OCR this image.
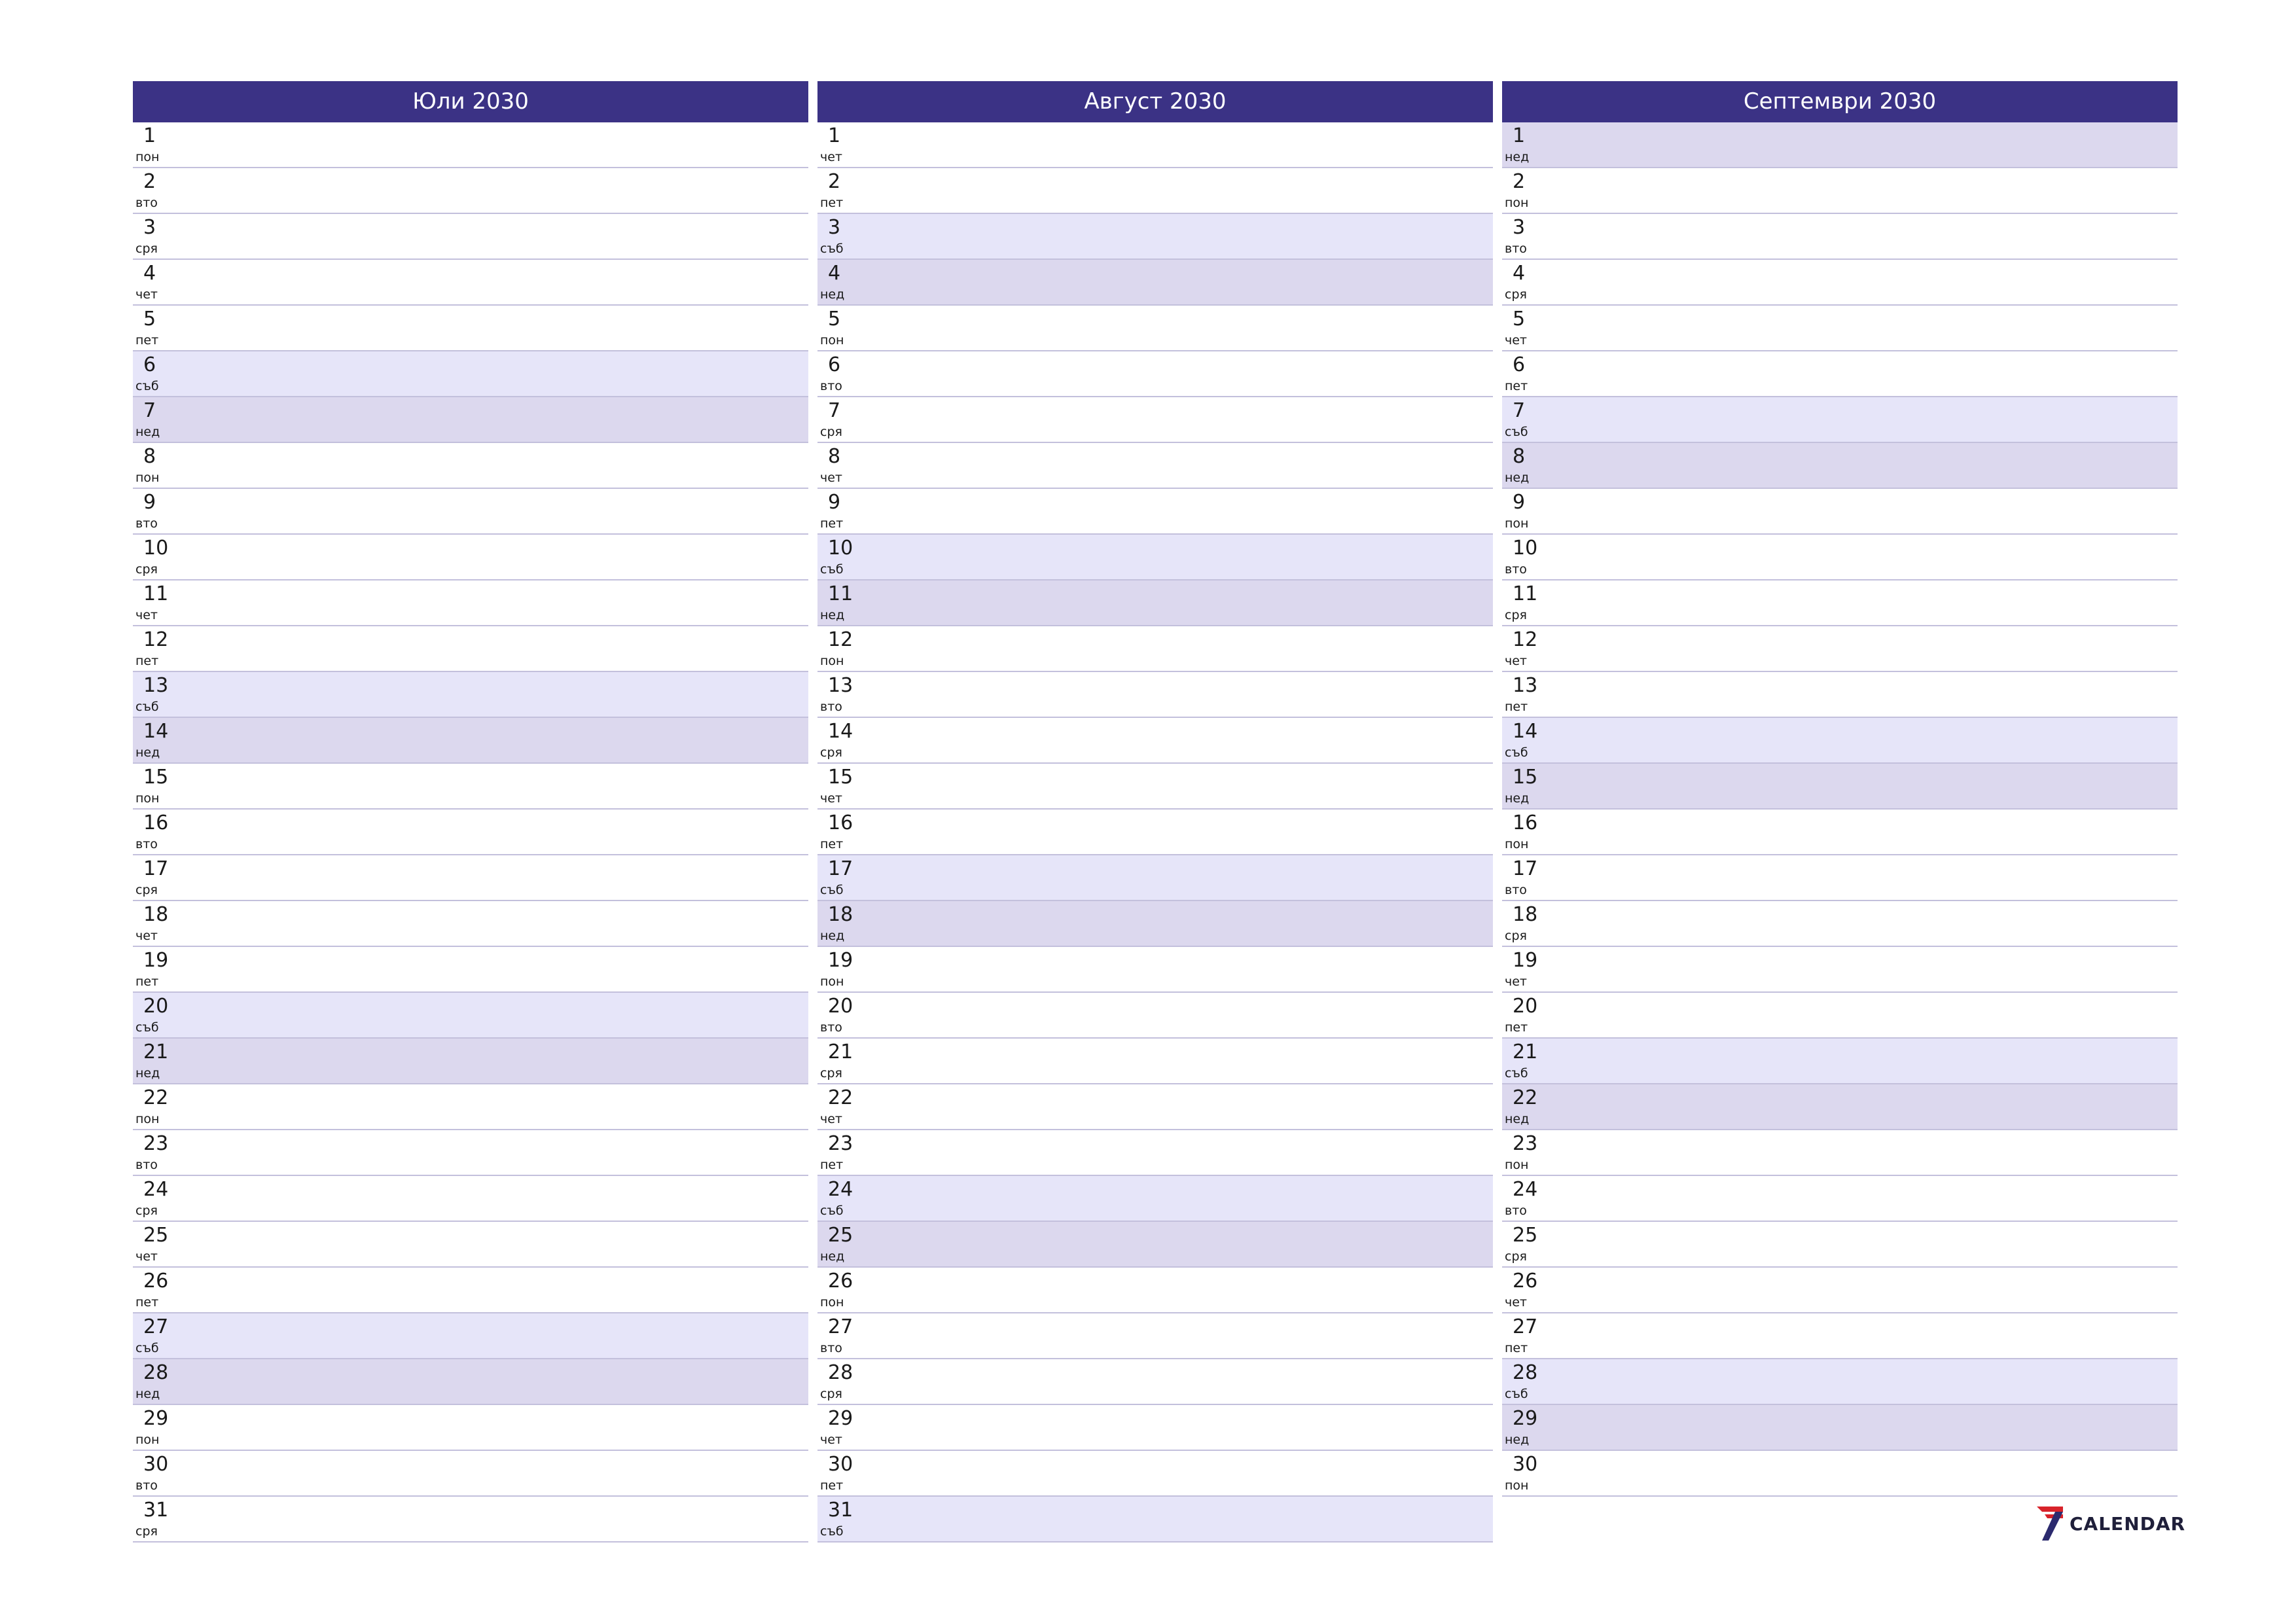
Юли 2030
1
пон
2
вто
3
сря
4
чет
5
пет
6
съб
7
нед
8
пон
9
вто
10
сря
11
чет
12
пет
13
съб
14
нед
15
пон
16
вто
17
сря
18
чет
19
пет
20
съб
21
нед
22
пон
23
вто
24
сря
25
чет
26
пет
27
съб
28
нед
29
пон
30
вто
31
сря
Август 2030
1
чет
2
пет
3
съб
4
нед
5
пон
6
вто
7
сря
8
чет
9
пет
10
съб
11
нед
12
пон
13
вто
14
сря
15
чет
16
пет
17
съб
18
нед
19
пон
20
вто
21
сря
22
чет
23
пет
24
съб
25
нед
26
пон
27
вто
28
сря
29
чет
30
пет
31
съб
Септември 2030
1
нед
2
пон
3
вто
4
сря
5
чет
6
пет
7
съб
8
нед
9
пон
10
вто
11
сря
12
чет
13
пет
14
съб
15
нед
16
пон
17
вто
18
сря
19
чет
20
пет
21
съб
22
нед
23
пон
24
вто
25
сря
26
чет
27
пет
28
съб
29
нед
30
пон
CALENDAR
